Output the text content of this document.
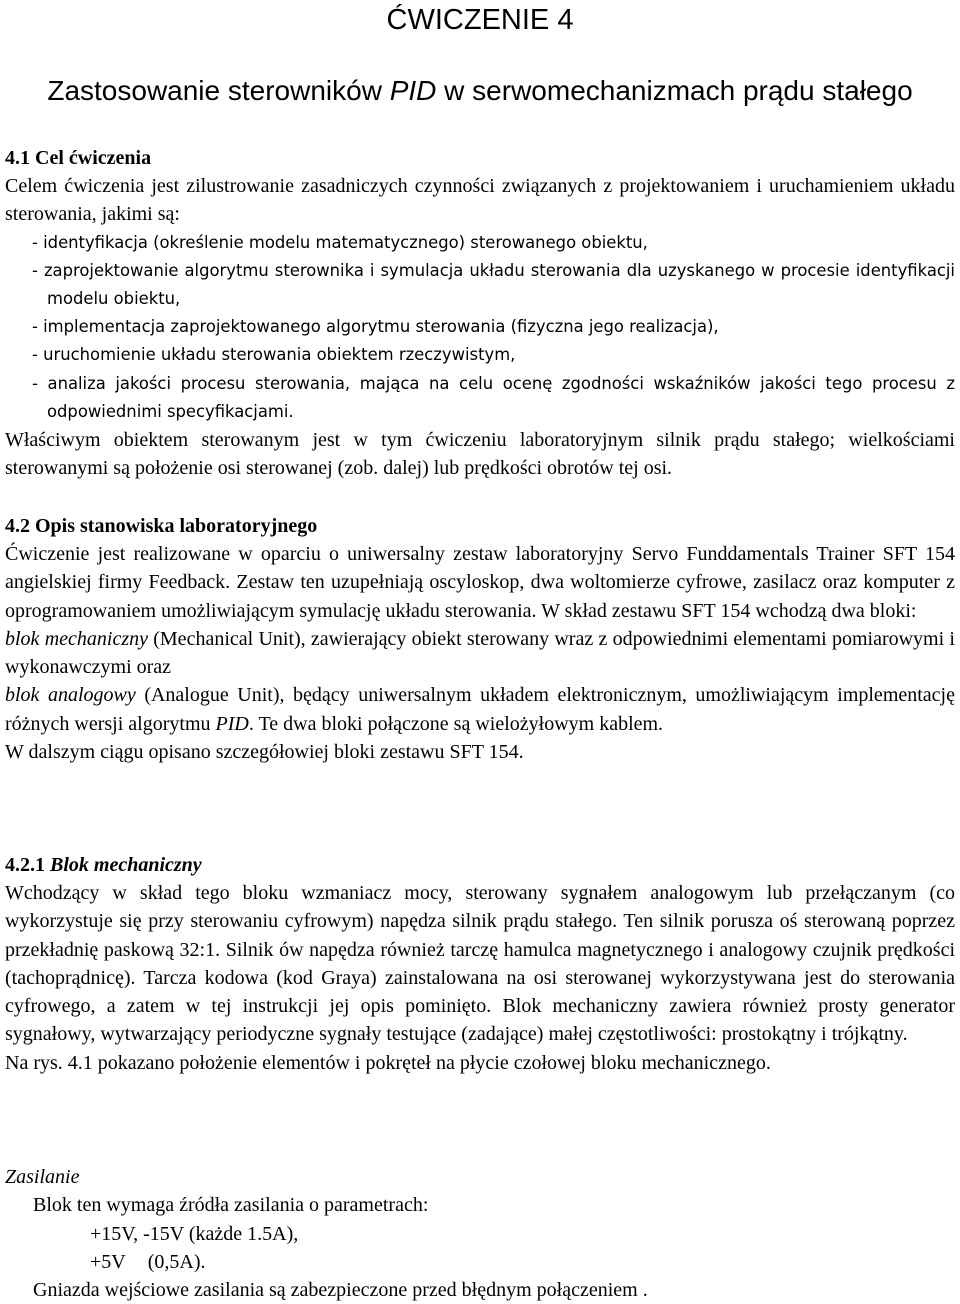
ĆWICZENIE 4
Zastosowanie sterowników PID w serwomechanizmach prądu stałego

4.1 Cel ćwiczenia

Celem ćwiczenia jest zilustrowanie zasadniczych czynności związanych z projektowaniem i uruchamieniem układu sterowania, jakimi są:

- identyfikacja (określenie modelu matematycznego) sterowanego obiektu,

- zaprojektowanie algorytmu sterownika i symulacja układu sterowania dla uzyskanego w procesie identyfikacji modelu obiektu,

- implementacja zaprojektowanego algorytmu sterowania (fizyczna jego realizacja),

- uruchomienie układu sterowania obiektem rzeczywistym,

- analiza jakości procesu sterowania, mająca na celu ocenę zgodności wskaźników jakości tego procesu z odpowiednimi specyfikacjami.

Właściwym obiektem sterowanym jest w tym ćwiczeniu laboratoryjnym silnik prądu stałego; wielkościami sterowanymi są położenie osi sterowanej (zob. dalej) lub prędkości obrotów tej osi.

4.2 Opis stanowiska laboratoryjnego

Ćwiczenie jest realizowane w oparciu o uniwersalny zestaw laboratoryjny Servo Funddamentals Trainer SFT 154 angielskiej firmy Feedback. Zestaw ten uzupełniają oscyloskop, dwa woltomierze cyfrowe, zasilacz oraz komputer z oprogramowaniem umożliwiającym symulację układu sterowania. W skład zestawu SFT 154 wchodzą dwa bloki:

blok mechaniczny (Mechanical Unit), zawierający obiekt sterowany wraz z odpowiednimi elementami pomiarowymi i wykonawczymi oraz

blok analogowy (Analogue Unit), będący uniwersalnym układem elektronicznym, umożliwiającym implementację różnych wersji algorytmu PID. Te dwa bloki połączone są wielożyłowym kablem.

W dalszym ciągu opisano szczegółowiej bloki zestawu SFT 154.

4.2.1 Blok mechaniczny

Wchodzący w skład tego bloku wzmaniacz mocy, sterowany sygnałem analogowym lub przełączanym (co wykorzystuje się przy sterowaniu cyfrowym) napędza silnik prądu stałego. Ten silnik porusza oś sterowaną poprzez przekładnię paskową 32:1. Silnik ów napędza również tarczę hamulca magnetycznego i analogowy czujnik prędkości (tachoprądnicę). Tarcza kodowa (kod Graya) zainstalowana na osi sterowanej wykorzystywana jest do sterowania cyfrowego, a zatem w tej instrukcji jej opis pominięto. Blok mechaniczny zawiera również prosty generator sygnałowy, wytwarzający periodyczne sygnały testujące (zadające) małej częstotliwości: prostokątny i trójkątny.

Na rys. 4.1 pokazano położenie elementów i pokręteł na płycie czołowej bloku mechanicznego.

Zasilanie

Blok ten wymaga źródła zasilania o parametrach:

+15V, -15V (każde 1.5A),

+5V (0,5A).

Gniazda wejściowe zasilania są zabezpieczone przed błędnym połączeniem .
